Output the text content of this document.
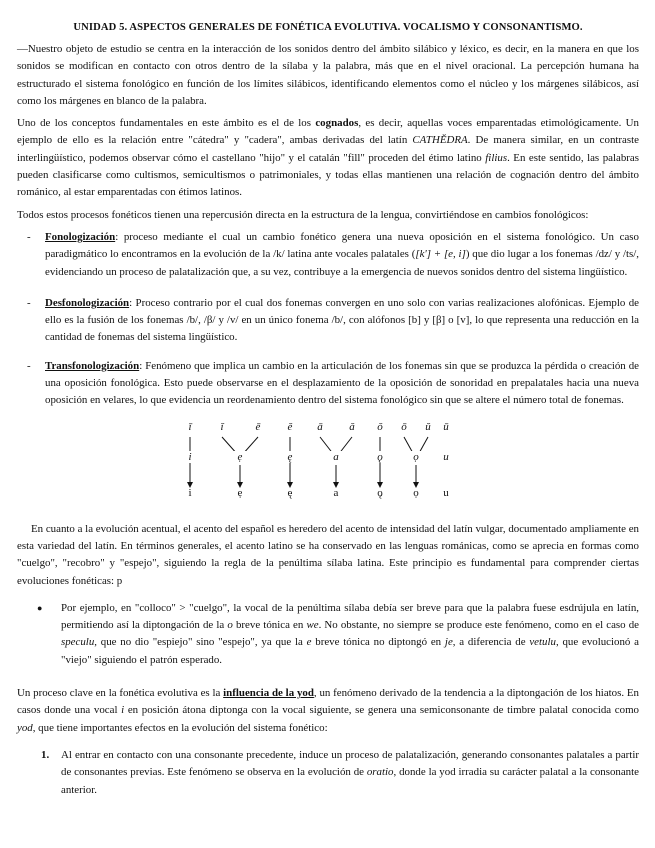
UNIDAD 5. ASPECTOS GENERALES DE FONÉTICA EVOLUTIVA. VOCALISMO Y CONSONANTISMO.

—Nuestro objeto de estudio se centra en la interacción de los sonidos dentro del ámbito silábico y léxico, es decir, en la manera en que los sonidos se modifican en contacto con otros dentro de la sílaba y la palabra, más que en el nivel oracional. La percepción humana ha estructurado el sistema fonológico en función de los límites silábicos, identificando elementos como el núcleo y los márgenes silábicos, así como los márgenes en blanco de la palabra.

Uno de los conceptos fundamentales en este ámbito es el de los cognados, es decir, aquellas voces emparentadas etimológicamente. Un ejemplo de ello es la relación entre "cátedra" y "cadera", ambas derivadas del latín CATHĔDRA. De manera similar, en un contraste interlingüístico, podemos observar cómo el castellano "hijo" y el catalán "fill" proceden del étimo latino filius. En este sentido, las palabras pueden clasificarse como cultismos, semicultismos o patrimoniales, y todas ellas mantienen una relación de cognación dentro del ámbito románico, al estar emparentadas con étimos latinos.

Todos estos procesos fonéticos tienen una repercusión directa en la estructura de la lengua, convirtiéndose en cambios fonológicos:

- Fonologización: proceso mediante el cual un cambio fonético genera una nueva oposición en el sistema fonológico. Un caso paradigmático lo encontramos en la evolución de la /k/ latina ante vocales palatales ([k'] + [e, i]) que dio lugar a los fonemas /dz/ y /ts/, evidenciando un proceso de palatalización que, a su vez, contribuye a la emergencia de nuevos sonidos dentro del sistema lingüístico.

- Desfonologización: Proceso contrario por el cual dos fonemas convergen en uno solo con varias realizaciones alofónicas. Ejemplo de ello es la fusión de los fonemas /b/, /β/ y /v/ en un único fonema /b/, con alófonos [b] y [β] o [v], lo que representa una reducción en la cantidad de fonemas del sistema lingüístico.

- Transfonologización: Fenómeno que implica un cambio en la articulación de los fonemas sin que se produzca la pérdida o creación de una oposición fonológica. Esto puede observarse en el desplazamiento de la oposición de sonoridad en prepalatales hacia una nueva oposición en velares, lo que evidencia un reordenamiento dentro del sistema fonológico sin que se altere el número total de fonemas.

ī	ĭ	ē	ĕ	ā	ă	ŏ	ō	ŭ	ū
i	ẹ	ę	a	ǫ	ọ	u
i	ẹ	ę	a	ǫ	ọ	u

En cuanto a la evolución acentual, el acento del español es heredero del acento de intensidad del latín vulgar, documentado ampliamente en esta variedad del latín. En términos generales, el acento latino se ha conservado en las lenguas románicas, como se aprecia en formas como "cuelgo", "recobro" y "espejo", siguiendo la regla de la penúltima sílaba latina. Este principio es fundamental para comprender ciertas evoluciones fonéticas: p

● Por ejemplo, en "colloco" > "cuelgo", la vocal de la penúltima sílaba debía ser breve para que la palabra fuese esdrújula en latín, permitiendo así la diptongación de la o breve tónica en we. No obstante, no siempre se produce este fenómeno, como en el caso de speculu, que no dio "espiejo" sino "espejo", ya que la e breve tónica no diptongó en je, a diferencia de vetulu, que evolucionó a "viejo" siguiendo el patrón esperado.

Un proceso clave en la fonética evolutiva es la influencia de la yod, un fenómeno derivado de la tendencia a la diptongación de los hiatos. En casos donde una vocal i en posición átona diptonga con la vocal siguiente, se genera una semiconsonante de timbre palatal conocida como yod, que tiene importantes efectos en la evolución del sistema fonético:

1. Al entrar en contacto con una consonante precedente, induce un proceso de palatalización, generando consonantes palatales a partir de consonantes previas. Este fenómeno se observa en la evolución de oratio, donde la yod irradia su carácter palatal a la consonante anterior.
